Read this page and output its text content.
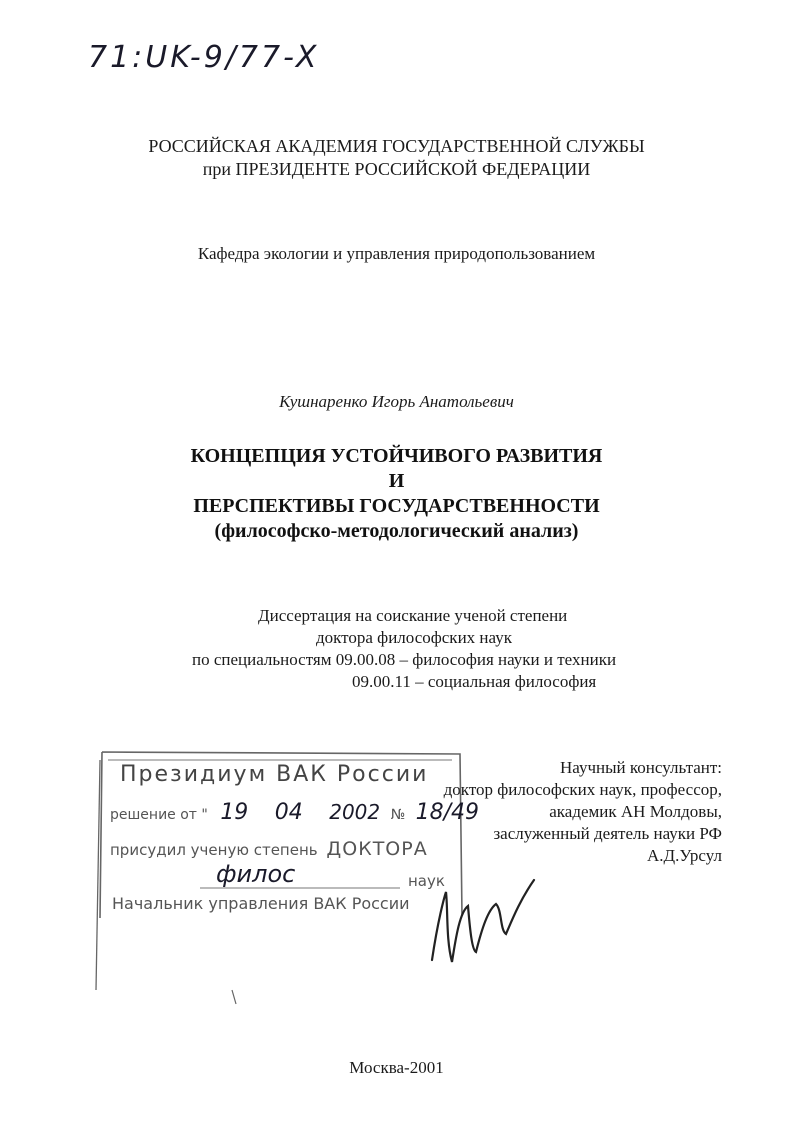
71:UK-9/77-X
РОССИЙСКАЯ АКАДЕМИЯ ГОСУДАРСТВЕННОЙ СЛУЖБЫ
при ПРЕЗИДЕНТЕ РОССИЙСКОЙ ФЕДЕРАЦИИ
Кафедра экологии и управления природопользованием
Кушнаренко Игорь Анатольевич
КОНЦЕПЦИЯ УСТОЙЧИВОГО РАЗВИТИЯ
И
ПЕРСПЕКТИВЫ ГОСУДАРСТВЕННОСТИ
(философско-методологический анализ)
Диссертация на соискание ученой степени
доктора философских наук
по специальностям 09.00.08 – философия науки и техники
09.00.11 – социальная философия
Научный консультант:
доктор философских наук, профессор,
академик АН Молдовы,
заслуженный деятель науки РФ
А.Д.Урсул
Президиум ВАК России
решение от " 19 04 2002 № 18/49
присудил ученую степень ДОКТОРА
филос	наук
Начальник управления ВАК России
Москва-2001
